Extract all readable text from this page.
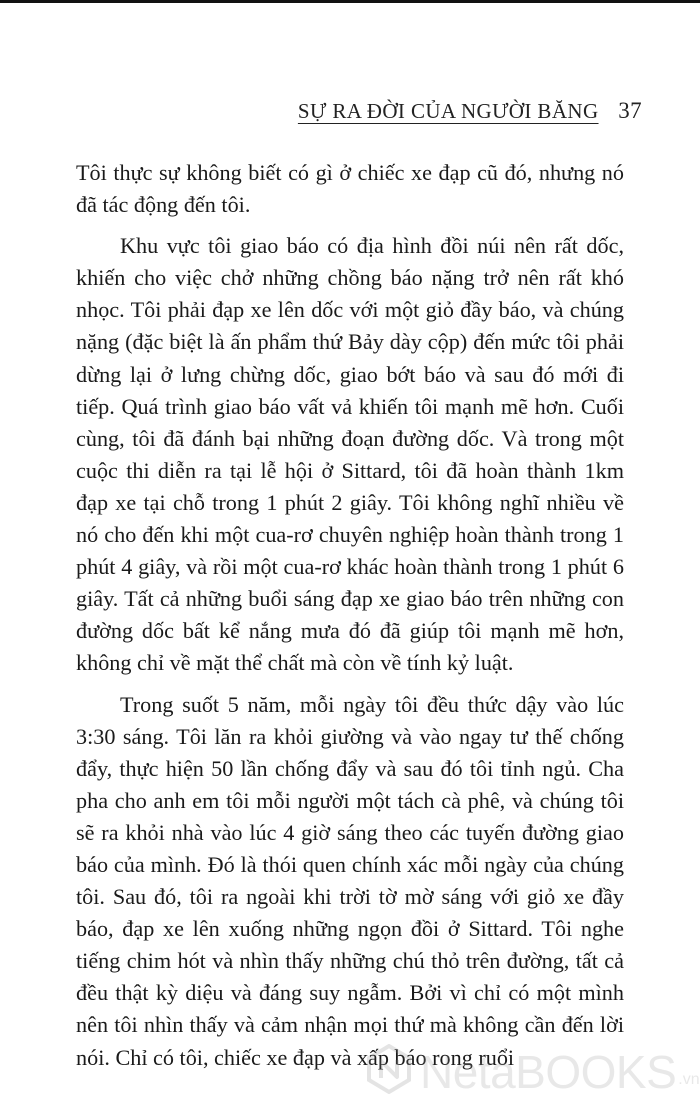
SỰ RA ĐỜI CỦA NGƯỜI BĂNG 37

Tôi thực sự không biết có gì ở chiếc xe đạp cũ đó, nhưng nó đã tác động đến tôi.

Khu vực tôi giao báo có địa hình đồi núi nên rất dốc, khiến cho việc chở những chồng báo nặng trở nên rất khó nhọc. Tôi phải đạp xe lên dốc với một giỏ đầy báo, và chúng nặng (đặc biệt là ấn phẩm thứ Bảy dày cộp) đến mức tôi phải dừng lại ở lưng chừng dốc, giao bớt báo và sau đó mới đi tiếp. Quá trình giao báo vất vả khiến tôi mạnh mẽ hơn. Cuối cùng, tôi đã đánh bại những đoạn đường dốc. Và trong một cuộc thi diễn ra tại lễ hội ở Sittard, tôi đã hoàn thành 1km đạp xe tại chỗ trong 1 phút 2 giây. Tôi không nghĩ nhiều về nó cho đến khi một cua-rơ chuyên nghiệp hoàn thành trong 1 phút 4 giây, và rồi một cua-rơ khác hoàn thành trong 1 phút 6 giây. Tất cả những buổi sáng đạp xe giao báo trên những con đường dốc bất kể nắng mưa đó đã giúp tôi mạnh mẽ hơn, không chỉ về mặt thể chất mà còn về tính kỷ luật.

Trong suốt 5 năm, mỗi ngày tôi đều thức dậy vào lúc 3:30 sáng. Tôi lăn ra khỏi giường và vào ngay tư thế chống đẩy, thực hiện 50 lần chống đẩy và sau đó tôi tỉnh ngủ. Cha pha cho anh em tôi mỗi người một tách cà phê, và chúng tôi sẽ ra khỏi nhà vào lúc 4 giờ sáng theo các tuyến đường giao báo của mình. Đó là thói quen chính xác mỗi ngày của chúng tôi. Sau đó, tôi ra ngoài khi trời tờ mờ sáng với giỏ xe đầy báo, đạp xe lên xuống những ngọn đồi ở Sittard. Tôi nghe tiếng chim hót và nhìn thấy những chú thỏ trên đường, tất cả đều thật kỳ diệu và đáng suy ngẫm. Bởi vì chỉ có một mình nên tôi nhìn thấy và cảm nhận mọi thứ mà không cần đến lời nói. Chỉ có tôi, chiếc xe đạp và xấp báo rong ruổi

NetaBOOKS .vn
